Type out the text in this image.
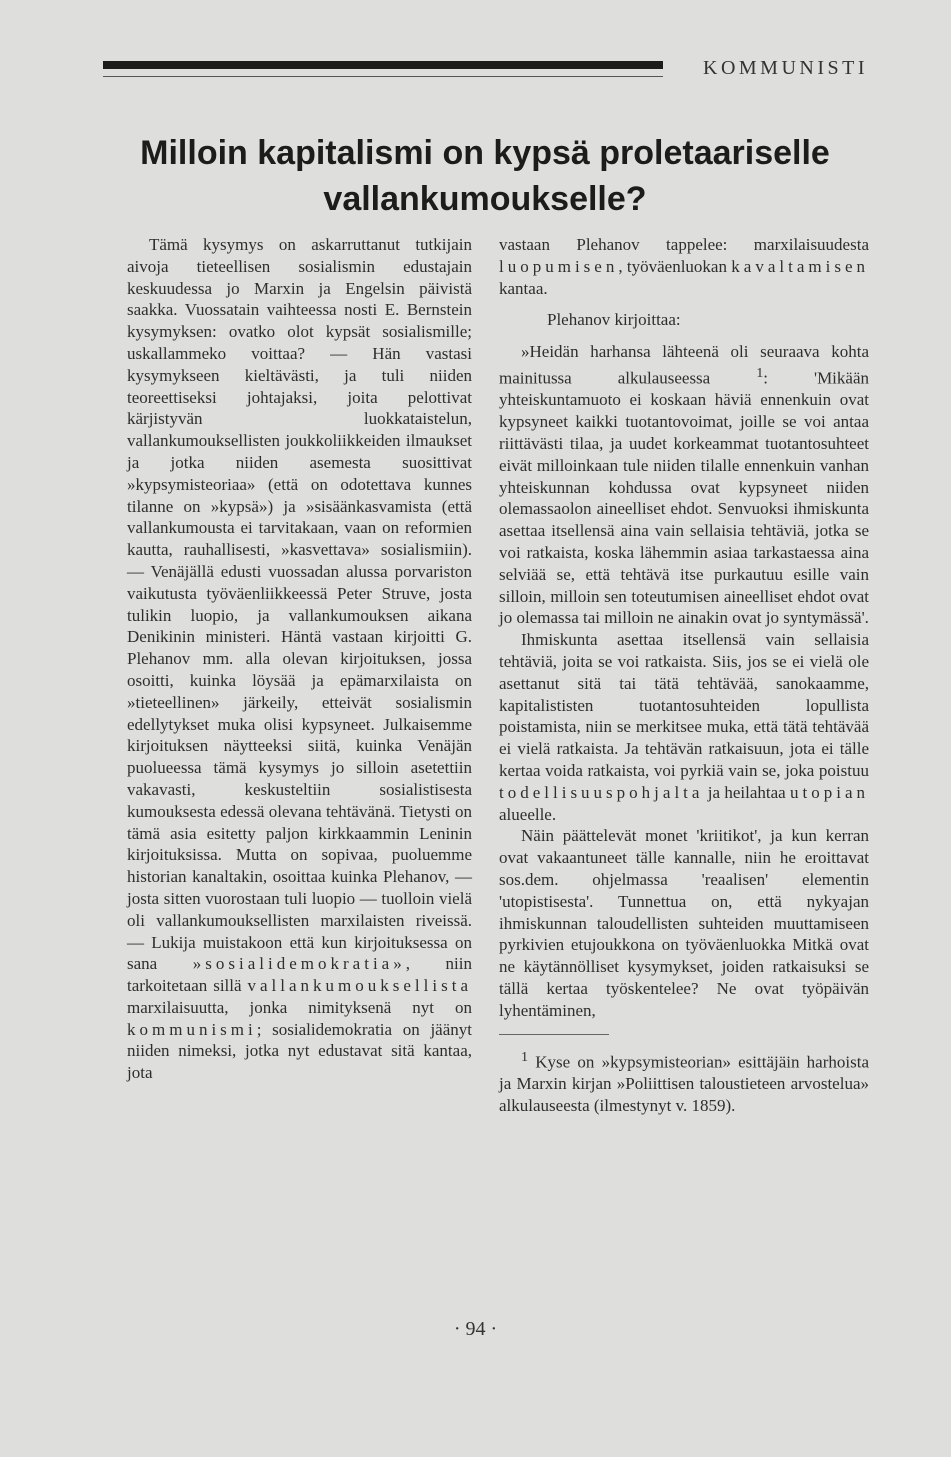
KOMMUNISTI
Milloin kapitalismi on kypsä proletaariselle vallankumoukselle?

Tämä kysymys on askarruttanut tutkijain aivoja tieteellisen sosialismin edustajain keskuudessa jo Marxin ja Engelsin päivistä saakka. Vuossatain vaihteessa nosti E. Bernstein kysymyksen: ovatko olot kypsät sosialismille; uskallammeko voittaa? — Hän vastasi kysymykseen kieltävästi, ja tuli niiden teoreettiseksi johtajaksi, joita pelottivat kärjistyvän luokkataistelun, vallankumouksellisten joukkoliikkeiden ilmaukset ja jotka niiden asemesta suosittivat »kypsymisteoriaa» (että on odotettava kunnes tilanne on »kypsä») ja »sisäänkasvamista (että vallankumousta ei tarvitakaan, vaan on reformien kautta, rauhallisesti, »kasvettava» sosialismiin). — Venäjällä edusti vuossadan alussa porvariston vaikutusta työväenliikkeessä Peter Struve, josta tulikin luopio, ja vallankumouksen aikana Denikinin ministeri. Häntä vastaan kirjoitti G. Plehanov mm. alla olevan kirjoituksen, jossa osoitti, kuinka löysää ja epämarxilaista on »tieteellinen» järkeily, etteivät sosialismin edellytykset muka olisi kypsyneet. Julkaisemme kirjoituksen näytteeksi siitä, kuinka Venäjän puolueessa tämä kysymys jo silloin asetettiin vakavasti, keskusteltiin sosialistisesta kumouksesta edessä olevana tehtävänä. Tietysti on tämä asia esitetty paljon kirkkaammin Leninin kirjoituksissa. Mutta on sopivaa, puoluemme historian kanaltakin, osoittaa kuinka Plehanov, — josta sitten vuorostaan tuli luopio — tuolloin vielä oli vallankumouksellisten marxilaisten riveissä. — Lukija muistakoon että kun kirjoituksessa on sana »sosialidemokratia», niin tarkoitetaan sillä vallankumouksellista marxilaisuutta, jonka nimityksenä nyt on kommunismi; sosialidemokratia on jäänyt niiden nimeksi, jotka nyt edustavat sitä kantaa, jota

vastaan Plehanov tappelee: marxilaisuudesta luopumisen, työväenluokan kavaltamisen kantaa.

Plehanov kirjoittaa:

»Heidän harhansa lähteenä oli seuraava kohta mainitussa alkulauseessa	$^1$: 'Mikään yhteiskuntamuoto ei koskaan häviä ennenkuin ovat kypsyneet kaikki tuotantovoimat, joille se voi antaa riittävästi tilaa, ja uudet korkeammat tuotantosuhteet eivät milloinkaan tule niiden tilalle ennenkuin vanhan yhteiskunnan kohdussa ovat kypsyneet niiden olemassaolon aineelliset ehdot. Senvuoksi ihmiskunta asettaa itsellensä aina vain sellaisia tehtäviä, jotka se voi ratkaista, koska lähemmin asiaa tarkastaessa aina selviää se, että tehtävä itse purkautuu esille vain silloin, milloin sen toteutumisen aineelliset ehdot ovat jo olemassa tai milloin ne ainakin ovat jo syntymässä'.

Ihmiskunta asettaa itsellensä vain sellaisia tehtäviä, joita se voi ratkaista. Siis, jos se ei vielä ole asettanut sitä tai tätä tehtävää, sanokaamme, kapitalististen tuotantosuhteiden lopullista poistamista, niin se merkitsee muka, että tätä tehtävää ei vielä ratkaista. Ja tehtävän ratkaisuun, jota ei tälle kertaa voida ratkaista, voi pyrkiä vain se, joka poistuu todellisuuspohjalta ja heilahtaa utopian alueelle.

Näin päättelevät monet 'kriitikot', ja kun kerran ovat vakaantuneet tälle kannalle, niin he eroittavat sos.dem. ohjelmassa 'reaalisen' elementin 'utopistisesta'. Tunnettua on, että nykyajan ihmiskunnan taloudellisten suhteiden muuttamiseen pyrkivien etujoukkona on työväenluokka Mitkä ovat ne käytännölliset kysymykset, joiden ratkaisuksi se tällä kertaa työskentelee? Ne ovat työpäivän lyhentäminen,

$^1$ Kyse on »kypsymisteorian» esittäjäin harhoista ja Marxin kirjan »Poliittisen taloustieteen arvostelua» alkulauseesta (ilmestynyt v. 1859).

· 94 ·
